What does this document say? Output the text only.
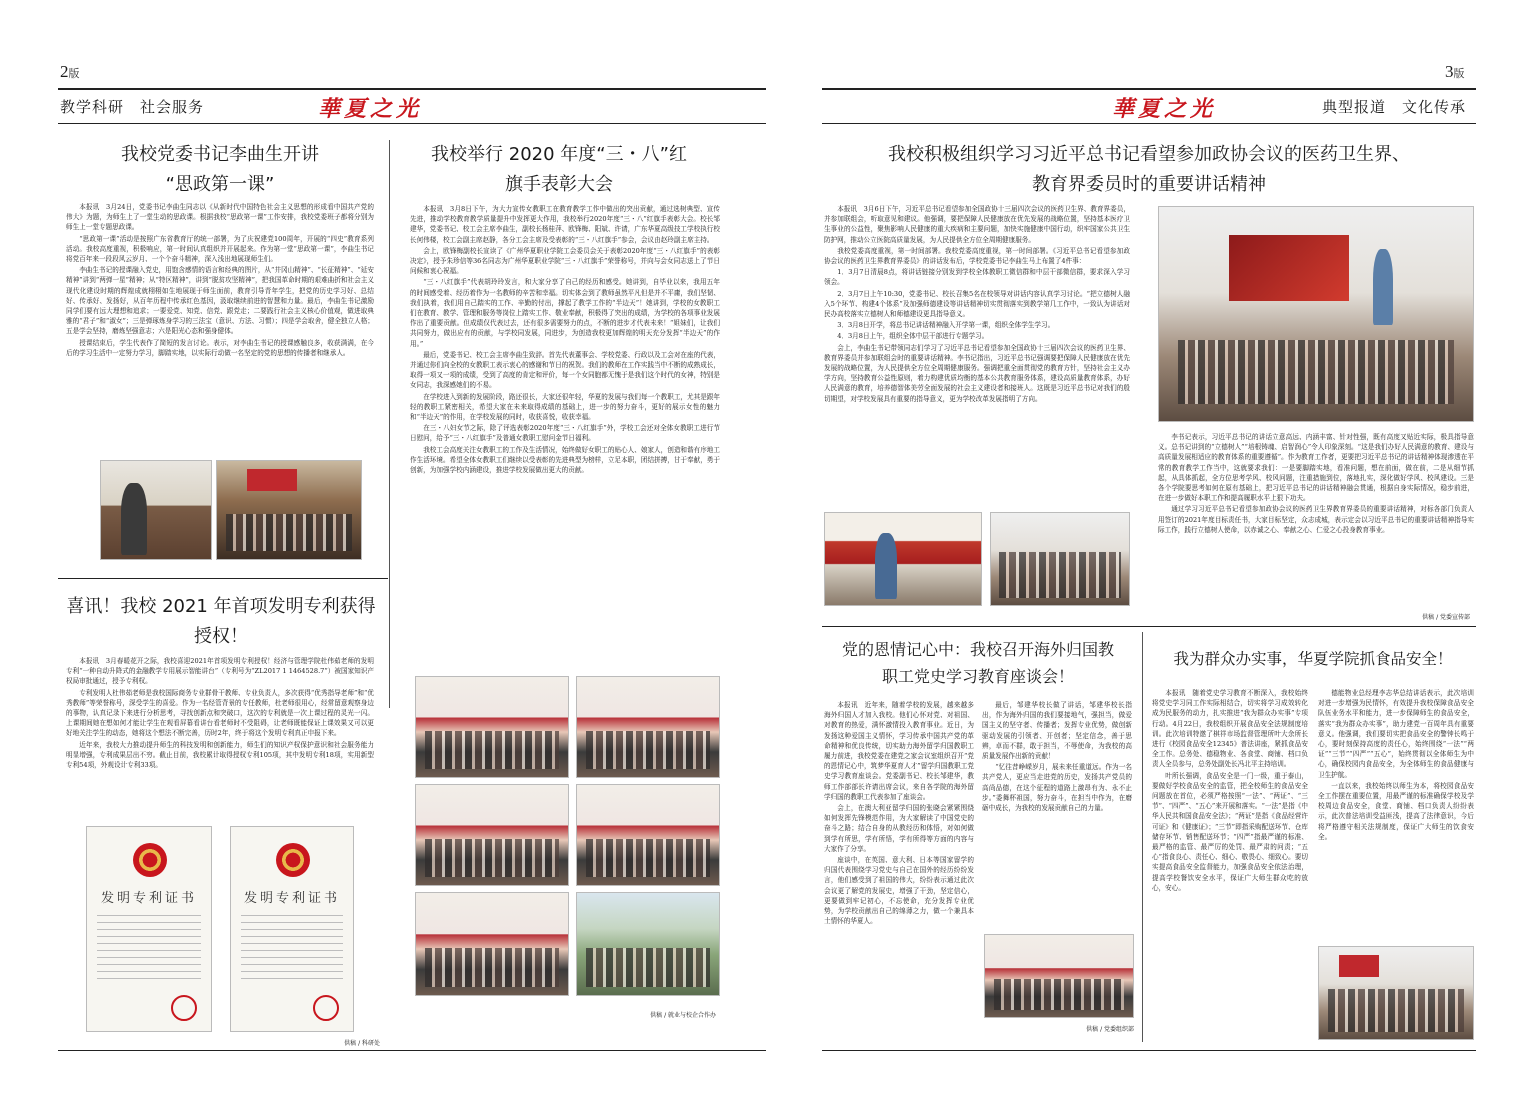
2版
教学科研　社会服务	華夏之光
我校党委书记李曲生开讲
“思政第一课”

本报讯　3月24日，党委书记李曲生同志以《从新时代中国特色社会主义思想的形成看中国共产党的伟大》为题，为师生上了一堂生动的思政课。根据我校“思政第一课”工作安排，我校党委班子都将分别为师生上一堂专题思政课。

“思政第一课”活动是按照广东省教育厅的统一部署，为了庆祝建党100周年，开展的“四史”教育系列活动。我校高度重视，积极响应，第一时间认真组织并开展起来。作为第一堂“思政第一课”，李曲生书记将党百年来一段段风云岁月、一个个奋斗精神，深入浅出地展现师生们。

李曲生书记的授课融入党史，用饱含感情的语言和经典的图片，从“井冈山精神”、“长征精神”、“延安精神”讲到“两弹一星”精神；从“特区精神”，讲到“脱贫攻坚精神”，把我国革命时期的艰难曲折和社会主义现代化建设时期的辉煌成就栩栩如生地展现于师生面前，教育引导青年学生，把党的历史学习好、总结好、传承好、发扬好，从百年历程中传承红色基因，汲取继续前进的智慧和力量。最后，李曲生书记激励同学们要有远大理想和追求；一要爱党、知党、信党、跟党走；二要践行社会主义核心价值观，做进取典雅的“君子”和“淑女”；三是弹琢炼身学习的三法宝（意识、方法、习惯）；四是学会取舍，健全独立人格；五是学会坚持，磨炼坚强意志；六是阳光心态和强身健体。

授课结束后，学生代表作了简短的发言讨论。表示，对李曲生书记的授课感触良多，收获满满，在今后的学习生活中一定努力学习，脚踏实地，以实际行动做一名坚定的党的思想的传播者和继承人。

喜讯！我校 2021 年首项发明专利获得
授权！

本报讯　3月春暖花开之际，我校喜迎2021年首项发明专利授权！经济与管理学院杜伟茹老师的发明专利“一种自动升降式的金融教学专用展示智能讲台”（专利号为“ZL2017 1 1464528.7”）被国家知识产权局审批通过，授予专利权。

专利发明人杜伟茹老师是我校国际商务专业群骨干教师、专业负责人，多次获得“优秀指导老师”和“优秀教师”等荣誉称号，深受学生的喜爱。作为一名经管背景的专任教师，杜老师很用心，经常留意观察身边的事物，认真记录下来进行分析思考，寻找创新点和突破口，这次的专利就是一次上课过程的灵光一闪。上课期间她在想如何才能让学生在观看屏幕看讲台看老师时不受阻碍，让老师既能保证上课效果又可以更好地关注学生的动态，她将这个想法不断完善，历时2年，终于将这个发明专利真正申报下来。

近年来，我校大力推动提升师生的科技发明和创新能力，师生们的知识产权保护意识和社会服务能力明显增强，专利成果层出不穷。截止目前，我校累计取得授权专利105项，其中发明专利18项，实用新型专利54项，外观设计专利33项。

发明专利证书	发明专利证书
供稿 / 科研处
我校举行 2020 年度“三・八”红
旗手表彰大会

本报讯　3月8日下午，为大力宣传女教职工在教育教学工作中做出的突出贡献，通过选树典型、宣传先进，推动学校教育教学质量提升中发挥更大作用，我校举行2020年度“三・八”红旗手表彰大会。校长邹建华，党委书记、校工会主席李曲生，副校长杨桂萍、欧锋梅、阳斌、许请，广东华夏高级技工学校执行校长何伟楼，校工会副主席赵静，各分工会主席及受表彰的“三・八红旗手”参会，会议由赵玲副主席主持。

会上，欧锋梅副校长宣读了《广州华夏职业学院工会委员会关于表彰2020年度“三・八红旗手”的表彰决定》，授予朱珍信等36名同志为广州华夏职业学院“三・八红旗手”荣誉称号，并向与会女同志送上了节日问候和衷心祝福。

“三・八红旗手”代表胡玲玲发言，和大家分享了自己的经历和感受。她讲到，自毕业以来，我用五年的时间感受着、经历着作为一名教师的辛苦和幸福。切实体会到了教师虽然平凡但是并不平庸，我们坚韧、我们执着，我们用自己踏实的工作、辛勤的付出，撑起了教学工作的“半边天”！她讲到，学校的女教职工们在教育、教学、管理和服务等岗位上踏实工作、敬业奉献，积极得了突出的成绩，为学校的各项事业发展作出了重要贡献。但成绩仅代表过去，还有很多需要努力的点，不断的进步才代表未来！“姐妹们，让我们共同努力，做出应有的贡献，与学校同发展，同进步，为创造我校更加辉煌的明天充分发挥“半边天”的作用。”

最后，党委书记、校工会主席李曲生致辞。首先代表董事会、学校党委、行政以及工会对在座的代表，并通过你们向全校的女教职工表示衷心的感谢和节日的祝贺。我们的教师在工作实践当中不断的成熟成长，取得一项又一项的成绩，受到了高度的肯定和评价，每一个女同胞都无愧于是我们这个时代的女神，特别是女同志，我深感她们的不易。

在学校进入到新的发展阶段，路还很长，大家还很年轻，华夏的发展与我们每一个教职工，尤其是跟年轻的教职工紧密相关，希望大家在未来取得成绩的基础上，进一步的努力奋斗，更好的展示女性的魅力和“半边天”的作用，在学校发展的同时，收获喜悦，收获幸福。

在三・八妇女节之际，除了评选表彰2020年度“三・八红旗手”外，学校工会还对全体女教职工进行节日慰问，给予“三・八红旗手”及普通女教职工慰问金节日福利。

我校工会高度关注女教职工的工作及生活情况，始终做好女职工的贴心人、娘家人，创造和谐有序地工作生活环境。希望全体女教职工们继续以受表彰的先进典型为榜样，立足本职，团结拼搏，甘于奉献，勇于创新，为加强学校内涵建设，推进学校发展做出更大的贡献。

供稿 / 就业与校企合作办
3版
華夏之光	典型报道　文化传承
我校积极组织学习习近平总书记看望参加政协会议的医药卫生界、
教育界委员时的重要讲话精神

本报讯　3月6日下午，习近平总书记看望参加全国政协十三届四次会议的医药卫生界、教育界委员，并参加联组会，听取意见和建议。他强调，要把保障人民健康放在优先发展的战略位置，坚持基本医疗卫生事业的公益性，聚焦影响人民健康的重大疾病和主要问题，加快实施健康中国行动，织牢国家公共卫生防护网，推动公立医院高质量发展，为人民提供全方位全周期健康服务。

我校党委高度重视，第一时间部署。我校党委高度重视，第一时间部署。《习近平总书记看望参加政协会议的医药卫生界教育界委员》的讲话发布后，学校党委书记李曲生马上布置了4件事：

1．3月7日清晨8点，将讲话链接分别发到学校全体教职工微信群和中层干部微信群，要求深入学习领会。

2．3月7日上午10:30，党委书记、校长召集5名在校领导对讲话内容认真学习讨论。“把立德树人融入5个环节、构建4个体系”及加强师德建设等讲话精神切实贯彻落实到教学第几工作中，一致认为讲话对民办高校落实立德树人和师德建设更具指导意义。

3．3月8日开学，将总书记讲话精神融入开学第一课，组织全体学生学习。

4．3月8日上午，组织全体中层干部进行专题学习。

会上，李曲生书记带领同志们学习了习近平总书记看望参加全国政协十三届四次会议的医药卫生界、教育界委员并参加联组会时的重要讲话精神。李书记指出，习近平总书记强调要把保障人民健康放在优先发展的战略位置，为人民提供全方位全周期健康服务。强调把重全面贯彻党的教育方针，坚持社会主义办学方向，坚持教育公益性原则，着力构建优质均衡的基本公共教育服务体系，建设高质量教育体系，办好人民满意的教育，培养德智体美劳全面发展的社会主义建设者和接班人。这既是习近平总书记对我们的殷切期望，对学校发展具有重要的指导意义，更为学校改革发展指明了方向。

李书记表示，习近平总书记的讲话立意高远、内涵丰富、针对性强，既有高度又贴近实际，极具指导意义。总书记讲到的“立德树人”“培根铸魂、启智润心”令人印象深刻。“这是我们办好人民满意的教育、建设与高质量发展相适应的教育体系的重要遵循”。作为教育工作者，更要把习近平总书记的讲话精神体现渗透在平常的教育教学工作当中，这就要求我们：一是要脚踏实地，看准问题，想在前面，做在前，二是从细节抓起，从具体抓起，全方位思考学风、校风问题，注重措施到位，落地扎实，深化做好学风、校风建设。三是各个学院要思考如何在原有基础上，把习近平总书记的讲话精神融会贯通，根据自身实际情况，稳步前进，在进一步做好本职工作和提高履职水平上狠下功夫。

通过学习习近平总书记看望参加政协会议的医药卫生界教育界委员的重要讲话精神，对标各部门负责人用签订的2021年度目标责任书，大家目标坚定，众志成城，表示定会以习近平总书记的重要讲话精神指导实际工作，践行立德树人使命，以赤诚之心、奉献之心、仁爱之心投身教育事业。

供稿 / 党委宣传部
党的恩情记心中：我校召开海外归国教
职工党史学习教育座谈会！

本报讯　近年来，随着学校的发展，越来越多海外归国人才加入我校。他们心怀对党、对祖国、对教育的热爱，满怀激情投入教育事业。近日，为发扬这种爱国主义情怀，学习传承中国共产党的革命精神和优良传统，切实助力海外留学归国教职工履力前进，我校党委在建党之家会议室组织召开“党的恩情记心中，筑梦华夏育人才”留学归国教职工党史学习教育座谈会。党委副书记、校长邹建华，教师工作部部长许请出席会议，来自各学院的海外留学归国的教职工代表参加了座谈会。

会上，在澳大利亚留学归国的张晓会紧紧围绕如何发挥先锋模范作用，为大家解读了中国党史的奋斗之路；结合自身的从教经历和体悟，对如何做到学有所思，学有所悟，学有所得等方面的内容与大家作了分享。

座谈中，在英国、意大利、日本等国家留学的归国代表围绕学习党史与自己在国外的经历纷纷发言，他们感受到了祖国的伟大，纷纷表示通过此次会议更了解党的发展史，增强了干劲，坚定信心，更要做到牢记初心，不忘使命，充分发挥专业优势，为学校贡献出自己的绵薄之力，做一个兼具本土情怀的华夏人。

最后，邹建华校长做了讲话，邹建华校长指出，作为海外归国的我们要接地气，强担当，做爱国主义的坚守者、传播者；发挥专业优势，做创新驱动发展的引领者、开创者；坚定信念，善于思辨，卓而不群，敢于担当，不辱使命，为我校的高质量发展作出新的贡献！

“忆往昔峥嵘岁月，展未来任重道远。作为一名共产党人，更应当走进党的历史，发扬共产党员的高尚品德，在这个征程的道路上激昂有为、永不止步。”委舞杯祖国，努力奋斗，在担当中作为，在磨砺中成长，为我校的发展贡献自己的力量。

供稿 / 党委组织部
我为群众办实事，华夏学院抓食品安全！

本报讯　随着党史学习教育不断深入，我校始终将党史学习同工作实际相结合，切实将学习成效转化成为民服务的动力，扎实推进“我为群众办实事”专项行动。4月22日，我校组织开展食品安全法规制度培训。此次培训特邀了棋祥市场监督管理所叶大余所长进行《校园食品安全12345》普法讲座，紧抓食品安全工作。总务处、德稳物业、各食堂、商铺、档口负责人全员参与，总务处副处长冯北平主持培训。

叶所长强调，食品安全是一门一级，重于泰山，要做好学校食品安全的监管，把全校师生的食品安全问题放在首位，必须严格按照“一法”、“两证”、“三节”、“四严”、“五心”来开展和落实。“一法”是指《中华人民共和国食品安全法》；“两证”是指《食品经营许可证》和《健康证》；“三节”即指采购配送环节、仓库储存环节、销售配送环节；“四严”指最严谨的标准、最严格的监管、最严厉的处罚、最严肃的问责；“五心”指食良心、责任心、细心、敬畏心、细致心。要切实提高食品安全监督能力，加强食品安全依法治理，提高学校餐饮安全水平，保证广大师生群众吃的放心，安心。

德能物业总经理李志华总结讲话表示，此次培训对进一步增强为民情怀，有效提升我校保障食品安全队伍业务水平和能力，进一步保障师生的食品安全，落实“我为群众办实事”，助力建党一百周年具有重要意义。他强调，我们要切实把食品安全的警钟长鸣于心，要时刻保持高度的责任心，始终围绕“一法”“两证”“三节”“四严”“五心”，始终贯彻以全体师生为中心，确保校园内食品安全，为全体师生的食品健康与卫生护航。

一直以来，我校始终以师生为本，将校园食品安全工作摆在重要位置，用最严谨的标准确保学校及学校周边食品安全，食堂、商铺、档口负责人纷纷表示，此次普法培训受益匪浅，提高了法律意识，今后将严格遵守相关法规制度，保证广大师生的饮食安全。
